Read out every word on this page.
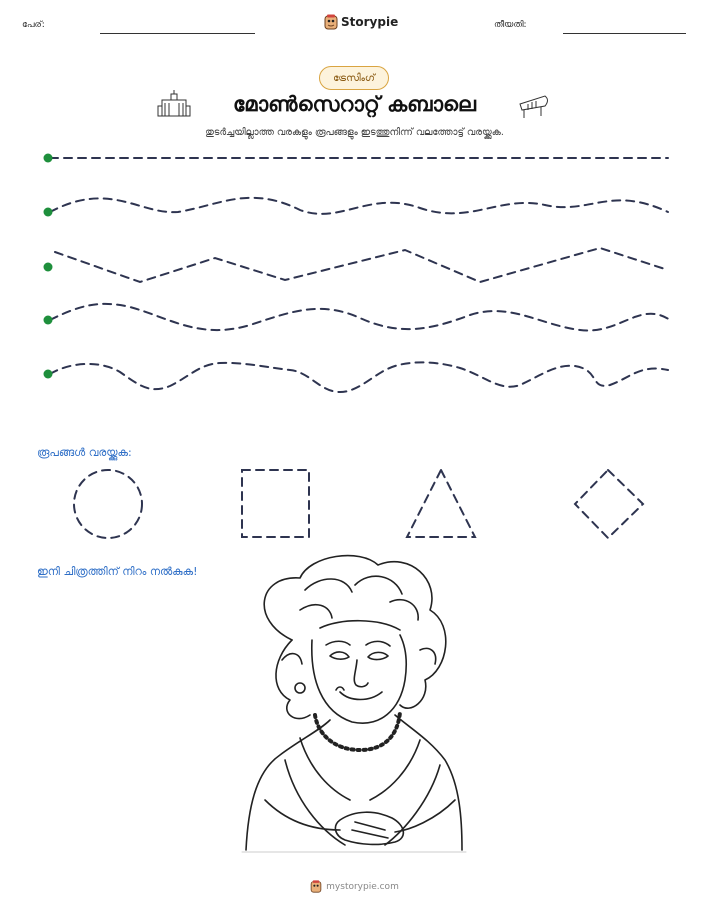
പേര്:	Storypie	തീയതി:
ട്രേസിംഗ്
മോൺസെറാറ്റ് കബാലെ
തുടർച്ചയില്ലാത്ത വരകളും രൂപങ്ങളും ഇടത്തുനിന്ന് വലത്തോട്ട് വരയ്ക്കുക.
രൂപങ്ങൾ വരയ്ക്കുക:
ഇനി ചിത്രത്തിന് നിറം നൽകുക!
mystorypie.com
